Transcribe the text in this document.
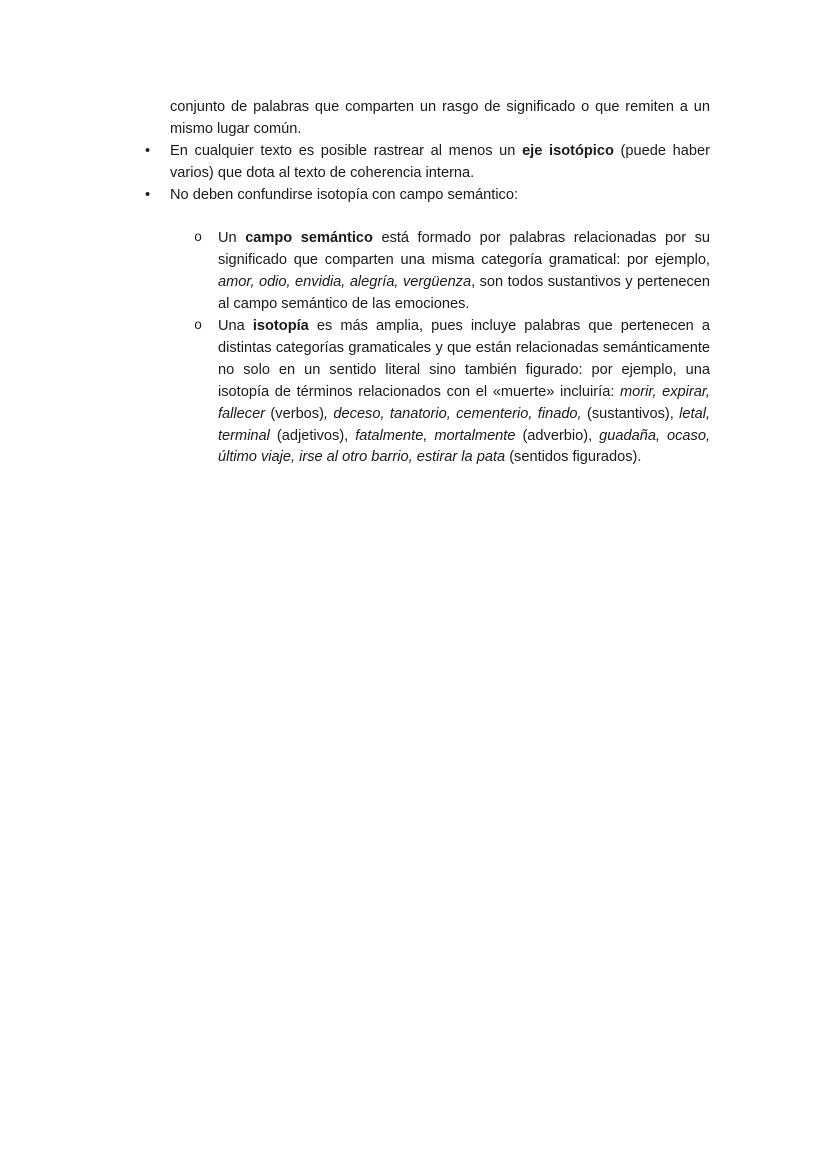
conjunto de palabras que comparten un rasgo de significado o que remiten a un mismo lugar común.

• En cualquier texto es posible rastrear al menos un eje isotópico (puede haber varios) que dota al texto de coherencia interna.
• No deben confundirse isotopía con campo semántico:
o Un campo semántico está formado por palabras relacionadas por su significado que comparten una misma categoría gramatical: por ejemplo, amor, odio, envidia, alegría, vergüenza, son todos sustantivos y pertenecen al campo semántico de las emociones.
o Una isotopía es más amplia, pues incluye palabras que pertenecen a distintas categorías gramaticales y que están relacionadas semánticamente no solo en un sentido literal sino también figurado: por ejemplo, una isotopía de términos relacionados con el «muerte» incluiría: morir, expirar, fallecer (verbos), deceso, tanatorio, cementerio, finado, (sustantivos), letal, terminal (adjetivos), fatalmente, mortalmente (adverbio), guadaña, ocaso, último viaje, irse al otro barrio, estirar la pata (sentidos figurados).
